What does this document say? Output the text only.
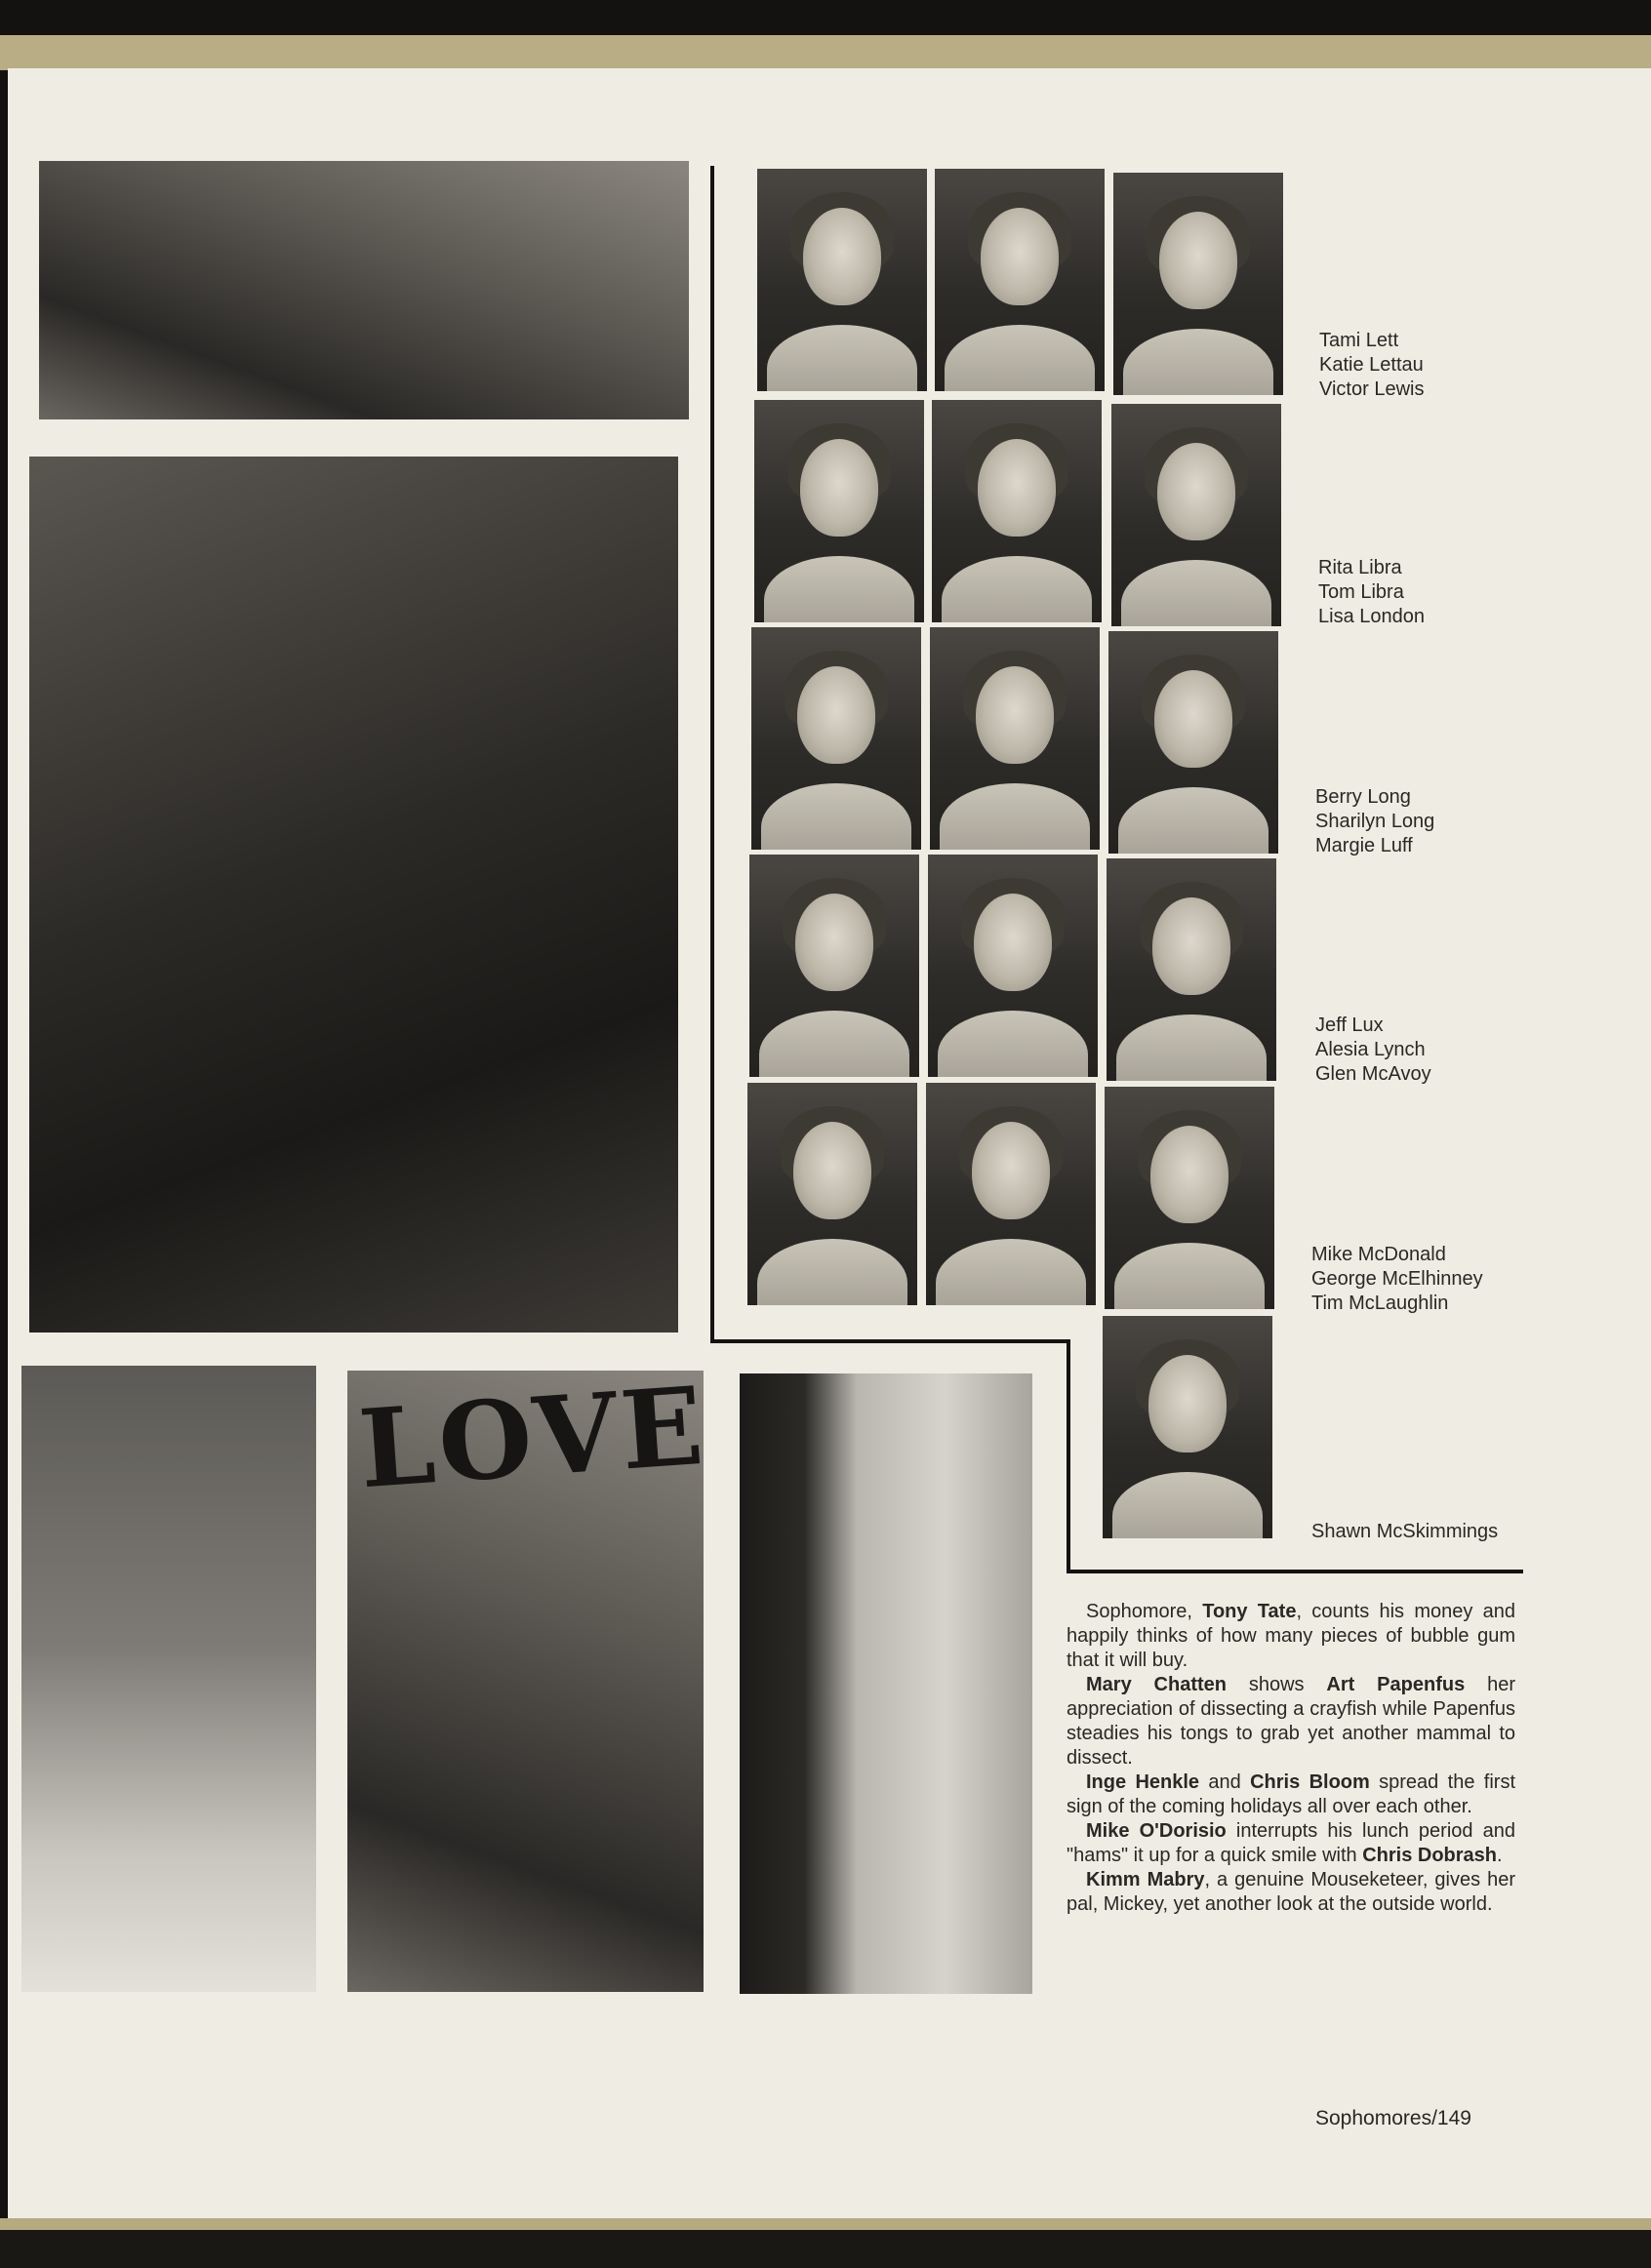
LOVE
Tami Lett
Katie Lettau
Victor Lewis
Rita Libra
Tom Libra
Lisa London
Berry Long
Sharilyn Long
Margie Luff
Jeff Lux
Alesia Lynch
Glen McAvoy
Mike McDonald
George McElhinney
Tim McLaughlin
Shawn McSkimmings

Sophomore, Tony Tate, counts his money and happily thinks of how many pieces of bubble gum that it will buy.

Mary Chatten shows Art Papenfus her appreciation of dissecting a crayfish while Papenfus steadies his tongs to grab yet another mammal to dissect.

Inge Henkle and Chris Bloom spread the first sign of the coming holidays all over each other.

Mike O'Dorisio interrupts his lunch period and "hams" it up for a quick smile with Chris Dobrash.

Kimm Mabry, a genuine Mouseketeer, gives her pal, Mickey, yet another look at the outside world.

Sophomores/149
